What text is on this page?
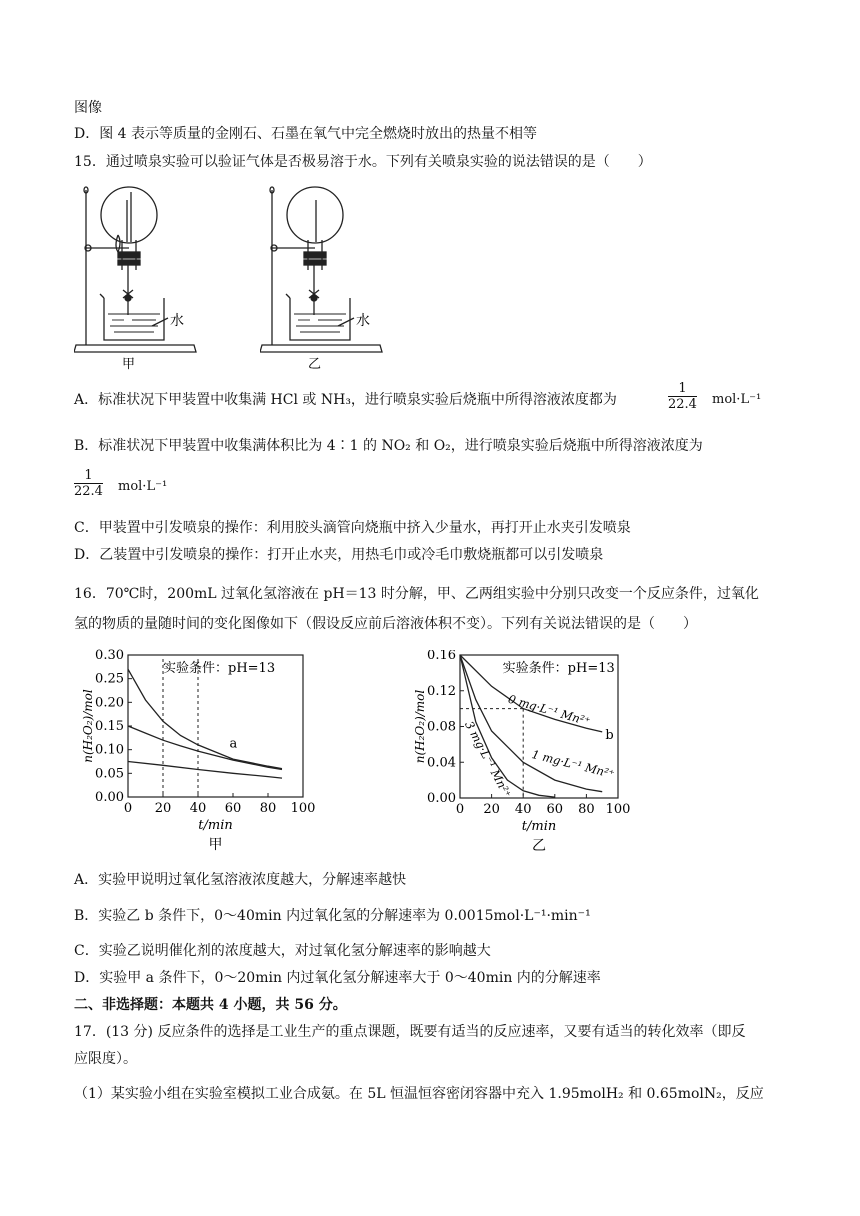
图像
D．图 4 表示等质量的金刚石、石墨在氧气中完全燃烧时放出的热量不相等
15．通过喷泉实验可以验证气体是否极易溶于水。下列有关喷泉实验的说法错误的是（　　）
水
甲
水
乙
A．标准状况下甲装置中收集满 HCl 或 NH₃，进行喷泉实验后烧瓶中所得溶液浓度都为	$\frac{1}{22.4} mol\cdot L^{-1}$
B．标准状况下甲装置中收集满体积比为 4∶1 的 NO₂ 和 O₂，进行喷泉实验后烧瓶中所得溶液浓度为
$\frac{1}{22.4} mol\cdot L^{-1}$
C．甲装置中引发喷泉的操作：利用胶头滴管向烧瓶中挤入少量水，再打开止水夹引发喷泉
D．乙装置中引发喷泉的操作：打开止水夹，用热毛巾或冷毛巾敷烧瓶都可以引发喷泉
16．70℃时，200mL 过氧化氢溶液在 pH＝13 时分解，甲、乙两组实验中分别只改变一个反应条件，过氧化
氢的物质的量随时间的变化图像如下（假设反应前后溶液体积不变）。下列有关说法错误的是（　　）
0 20 40 60 80 100
0.00
0.05
0.10
0.15
0.20
0.25
0.30
t/min
甲
n(H₂O₂)/mol
实验条件：pH=13
a
0 20 40 60 80 100
0.00
0.04
0.08
0.12
0.16
t/min
乙
n(H₂O₂)/mol
实验条件：pH=13
b
0 mg·L⁻¹ Mn²⁺
1 mg·L⁻¹ Mn²⁺
3 mg·L⁻¹ Mn²⁺
A．实验甲说明过氧化氢溶液浓度越大，分解速率越快
B．实验乙 b 条件下，0～40min 内过氧化氢的分解速率为 0.0015mol·L⁻¹·min⁻¹
C．实验乙说明催化剂的浓度越大，对过氧化氢分解速率的影响越大
D．实验甲 a 条件下，0～20min 内过氧化氢分解速率大于 0～40min 内的分解速率
二、非选择题：本题共 4 小题，共 56 分。
17．(13 分) 反应条件的选择是工业生产的重点课题，既要有适当的反应速率，又要有适当的转化效率（即反
应限度）。
（1）某实验小组在实验室模拟工业合成氨。在 5L 恒温恒容密闭容器中充入 1.95molH₂ 和 0.65molN₂，反应
